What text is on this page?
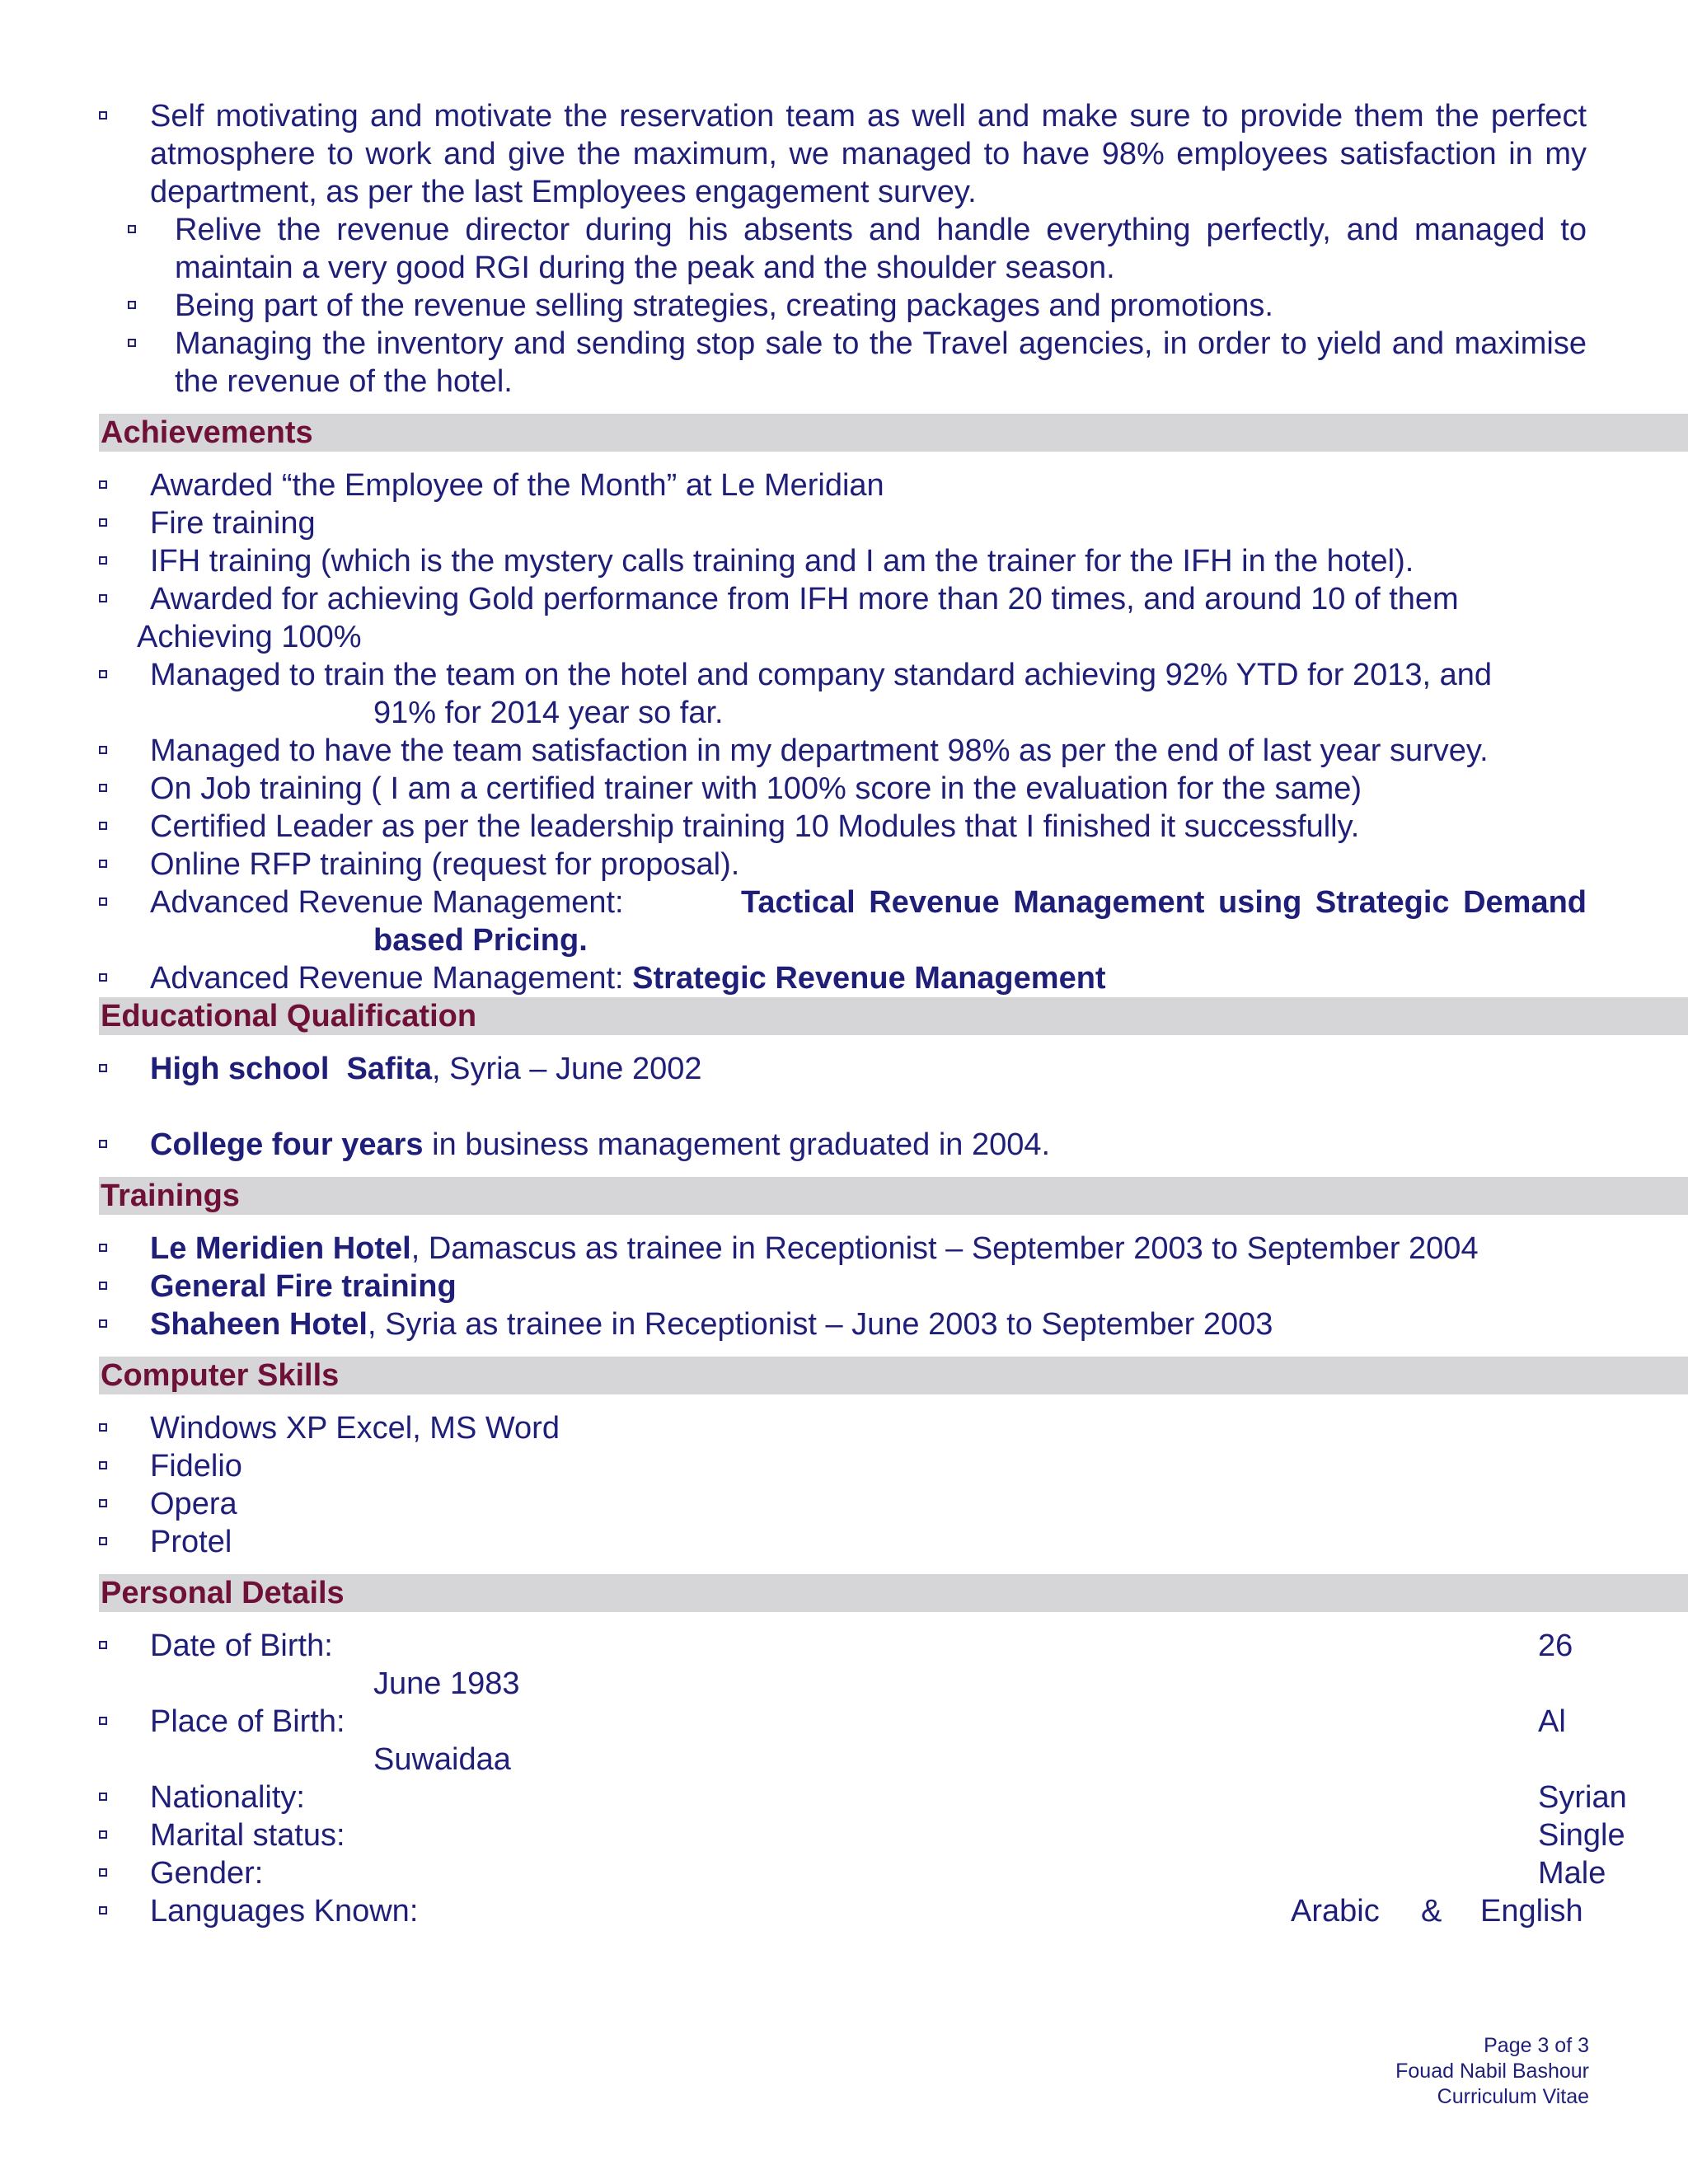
Self motivating and motivate the reservation team as well and make sure to provide them the perfect atmosphere to work and give the maximum, we managed to have 98% employees satisfaction in my department, as per the last Employees engagement survey.
Relive the revenue director during his absents and handle everything perfectly, and managed to maintain a very good RGI during the peak and the shoulder season.
Being part of the revenue selling strategies, creating packages and promotions.
Managing the inventory and sending stop sale to the Travel agencies, in order to yield and maximise the revenue of the hotel.
Achievements
Awarded “the Employee of the Month” at Le Meridian
Fire training
IFH training (which is the mystery calls training and I am the trainer for the IFH in the hotel).
Awarded for achieving Gold performance from IFH more than 20 times, and around 10 of them
Achieving 100%
Managed to train the team on the hotel and company standard achieving 92% YTD for 2013, and
91% for 2014 year so far.
Managed to have the team satisfaction in my department 98% as per the end of last year survey.
On Job training ( I am a certified trainer with 100% score in the evaluation for the same)
Certified Leader as per the leadership training 10 Modules that I finished it successfully.
Online RFP training (request for proposal).
Advanced Revenue Management:	Tactical Revenue Management using Strategic Demand
based Pricing.
Advanced Revenue Management: Strategic Revenue Management
Educational Qualification
High school  Safita, Syria – June 2002
College four years in business management graduated in 2004.
Trainings
Le Meridien Hotel, Damascus as trainee in Receptionist – September 2003 to September 2004
General Fire training
Shaheen Hotel, Syria as trainee in Receptionist – June 2003 to September 2003
Computer Skills
Windows XP Excel, MS Word
Fidelio
Opera
Protel
Personal Details
Date of Birth:	26
June 1983
Place of Birth:	Al
Suwaidaa
Nationality:	Syrian
Marital status:	Single
Gender:	Male
Languages Known:	Arabic & English
Page 3 of 3
Fouad Nabil Bashour
Curriculum Vitae
